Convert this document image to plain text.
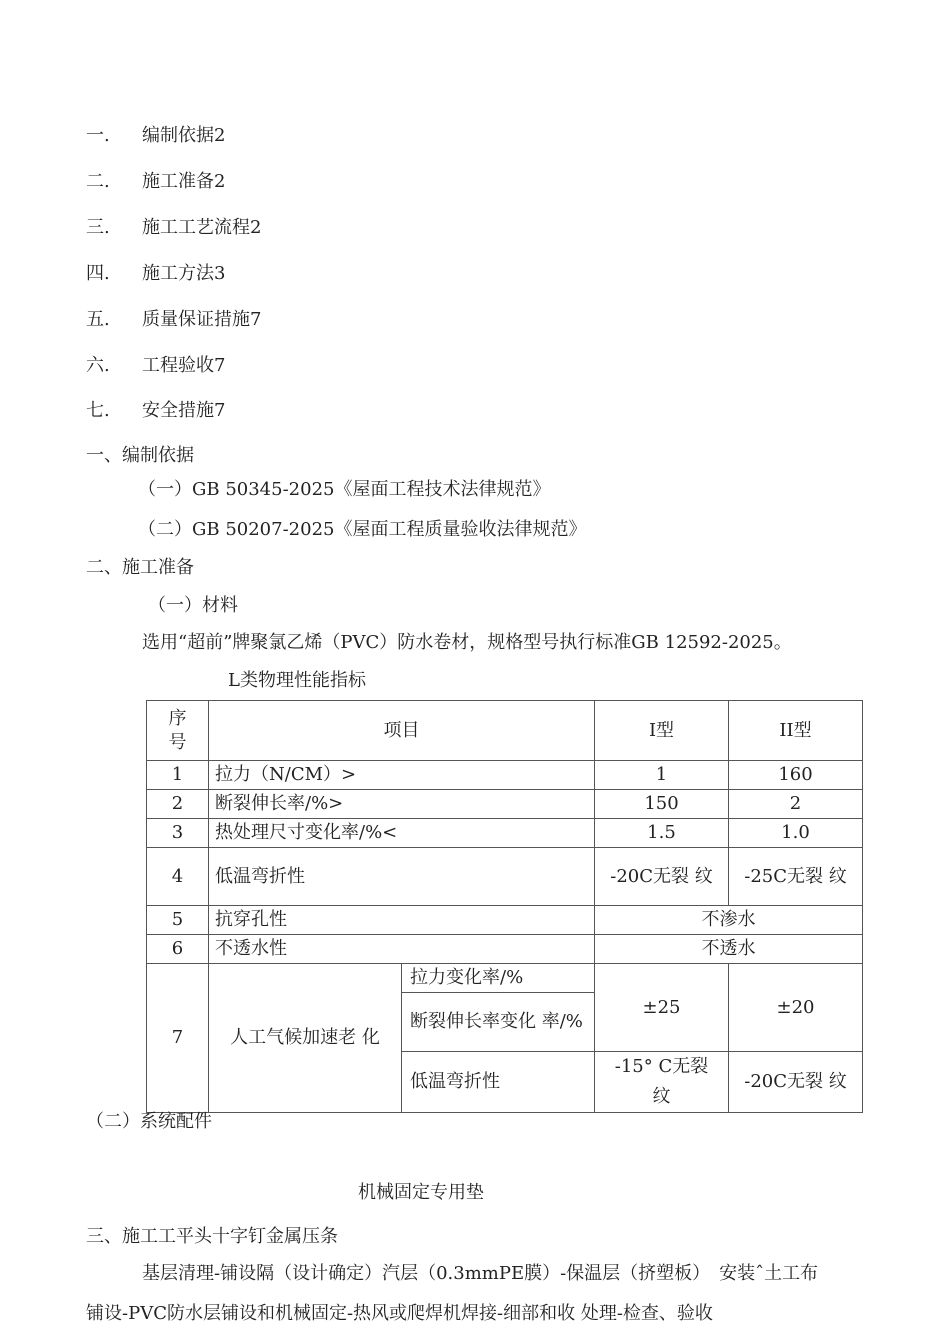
一. 编制依据2
二. 施工准备2
三. 施工工艺流程2
四. 施工方法3
五. 质量保证措施7
六. 工程验收7
七. 安全措施7
一、编制依据
（一）GB 50345-2025《屋面工程技术法律规范》
（二）GB 50207-2025《屋面工程质量验收法律规范》
二、施工准备
（一）材料
选用“超前”牌聚氯乙烯（PVC）防水卷材，规格型号执行标准GB 12592-2025。
L类物理性能指标
序号	项目		I型	II型
1	拉力（N/CM）>		1	160
2	断裂伸长率/%>		150	2
3	热处理尺寸变化率/%<		1.5	1.0
4	低温弯折性		-20C无裂 纹	-25C无裂 纹
5	抗穿孔性		不渗水	
6	不透水性		不透水	
7	人工气候加速老 化	拉力变化率/%	±25	±20
		断裂伸长率变化 率/%		
		低温弯折性	-15° C无裂 纹	-20C无裂 纹
（二）系统配件
机械固定专用垫
三、施工工平头十字钉金属压条
基层清理-铺设隔（设计确定）汽层（0.3mmPE膜）-保温层（挤塑板）　安装ˆ土工布
铺设-PVC防水层铺设和机械固定-热风或爬焊机焊接-细部和收 处理-检查、验收
